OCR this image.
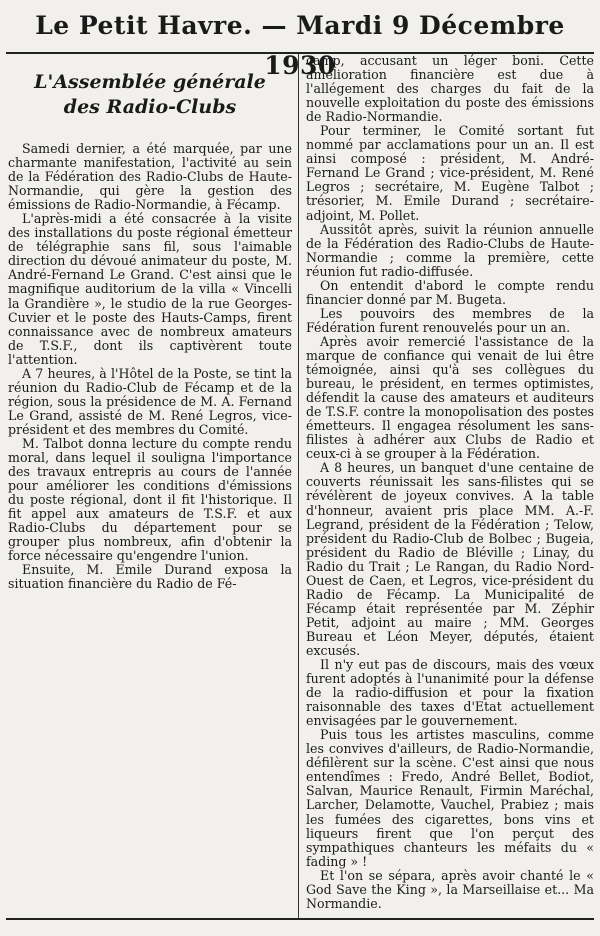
Le Petit Havre. — Mardi 9 Décembre 1930
L'Assemblée générale
des Radio-Clubs

Samedi dernier, a été marquée, par une charmante manifestation, l'activité au sein de la Fédération des Radio-Clubs de Haute-Normandie, qui gère la gestion des émissions de Radio-Normandie, à Fécamp.

L'après-midi a été consacrée à la visite des installations du poste régional émetteur de télégraphie sans fil, sous l'aimable direction du dévoué animateur du poste, M. André-Fernand Le Grand. C'est ainsi que le magnifique auditorium de la villa « Vincelli la Grandière », le studio de la rue Georges-Cuvier et le poste des Hauts-Camps, firent connaissance avec de nombreux amateurs de T.S.F., dont ils captivèrent toute l'attention.

A 7 heures, à l'Hôtel de la Poste, se tint la réunion du Radio-Club de Fécamp et de la région, sous la présidence de M. A. Fernand Le Grand, assisté de M. René Legros, vice-président et des membres du Comité.

M. Talbot donna lecture du compte rendu moral, dans lequel il souligna l'importance des travaux entrepris au cours de l'année pour améliorer les conditions d'émissions du poste régional, dont il fit l'historique. Il fit appel aux amateurs de T.S.F. et aux Radio-Clubs du département pour se grouper plus nombreux, afin d'obtenir la force nécessaire qu'engendre l'union.

Ensuite, M. Emile Durand exposa la situation financière du Radio de Fé-

camp, accusant un léger boni. Cette amélioration financière est due à l'allégement des charges du fait de la nouvelle exploitation du poste des émissions de Radio-Normandie.

Pour terminer, le Comité sortant fut nommé par acclamations pour un an. Il est ainsi composé : président, M. André-Fernand Le Grand ; vice-président, M. René Legros ; secrétaire, M. Eugène Talbot ; trésorier, M. Emile Durand ; secrétaire-adjoint, M. Pollet.

Aussitôt après, suivit la réunion annuelle de la Fédération des Radio-Clubs de Haute-Normandie ; comme la première, cette réunion fut radio-diffusée.

On entendit d'abord le compte rendu financier donné par M. Bugeta.

Les pouvoirs des membres de la Fédération furent renouvelés pour un an.

Après avoir remercié l'assistance de la marque de confiance qui venait de lui être témoignée, ainsi qu'à ses collègues du bureau, le président, en termes optimistes, défendit la cause des amateurs et auditeurs de T.S.F. contre la monopolisation des postes émetteurs. Il engagea résolument les sans-filistes à adhérer aux Clubs de Radio et ceux-ci à se grouper à la Fédération.

A 8 heures, un banquet d'une centaine de couverts réunissait les sans-filistes qui se révélèrent de joyeux convives. A la table d'honneur, avaient pris place MM. A.-F. Legrand, président de la Fédération ; Telow, président du Radio-Club de Bolbec ; Bugeia, président du Radio de Bléville ; Linay, du Radio du Trait ; Le Rangan, du Radio Nord-Ouest de Caen, et Legros, vice-président du Radio de Fécamp. La Municipalité de Fécamp était représentée par M. Zéphir Petit, adjoint au maire ; MM. Georges Bureau et Léon Meyer, députés, étaient excusés.

Il n'y eut pas de discours, mais des vœux furent adoptés à l'unanimité pour la défense de la radio-diffusion et pour la fixation raisonnable des taxes d'Etat actuellement envisagées par le gouvernement.

Puis tous les artistes masculins, comme les convives d'ailleurs, de Radio-Normandie, défilèrent sur la scène. C'est ainsi que nous entendîmes : Fredo, André Bellet, Bodiot, Salvan, Maurice Renault, Firmin Maréchal, Larcher, Delamotte, Vauchel, Prabiez ; mais les fumées des cigarettes, bons vins et liqueurs firent que l'on perçut des sympathiques chanteurs les méfaits du « fading » !

Et l'on se sépara, après avoir chanté le « God Save the King », la Marseillaise et... Ma Normandie.
